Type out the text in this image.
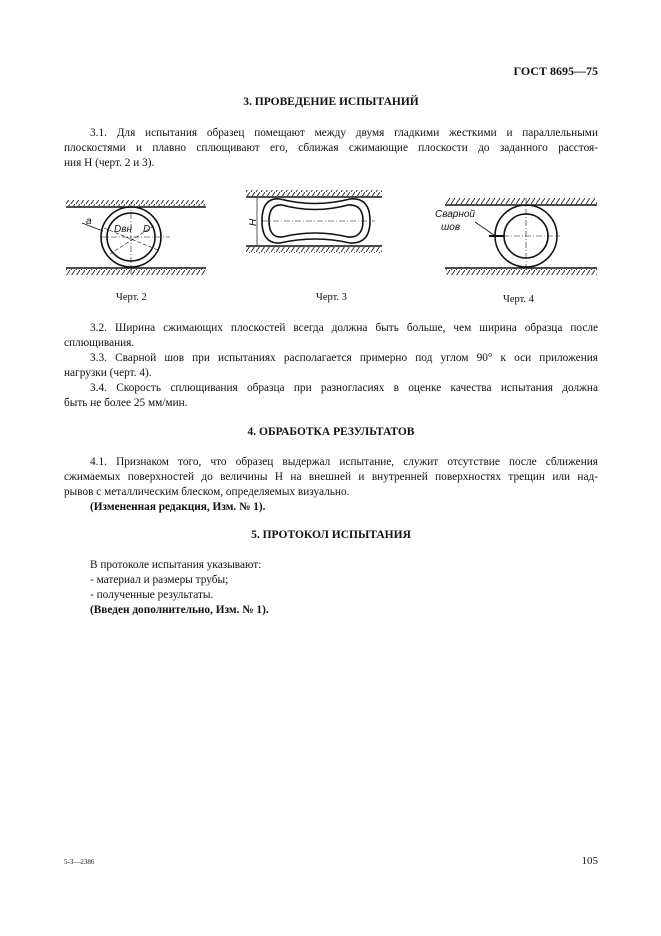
ГОСТ 8695—75
3. ПРОВЕДЕНИЕ ИСПЫТАНИЙ
3.1. Для испытания образец помещают между двумя гладкими жесткими и параллельными
плоскостями и плавно сплющивают его, сближая сжимающие плоскости до заданного расстоя-
ния H (черт. 2 и 3).
a
Dвн D
H
Сварной
шов
Черт. 2	Черт. 3	Черт. 4
3.2. Ширина сжимающих плоскостей всегда должна быть больше, чем ширина образца после
сплющивания.
3.3. Сварной шов при испытаниях располагается примерно под углом 90° к оси приложения
нагрузки (черт. 4).
3.4. Скорость сплющивания образца при разногласиях в оценке качества испытания должна
быть не более 25 мм/мин.
4. ОБРАБОТКА РЕЗУЛЬТАТОВ
4.1. Признаком того, что образец выдержал испытание, служит отсутствие после сближения
сжимаемых поверхностей до величины H на внешней и внутренней поверхностях трещин или над-
рывов с металлическим блеском, определяемых визуально.
(Измененная редакция, Изм. № 1).
5. ПРОТОКОЛ ИСПЫТАНИЯ
В протоколе испытания указывают:
- материал и размеры трубы;
- полученные результаты.
(Введен дополнительно, Изм. № 1).
5-3—2386	105
